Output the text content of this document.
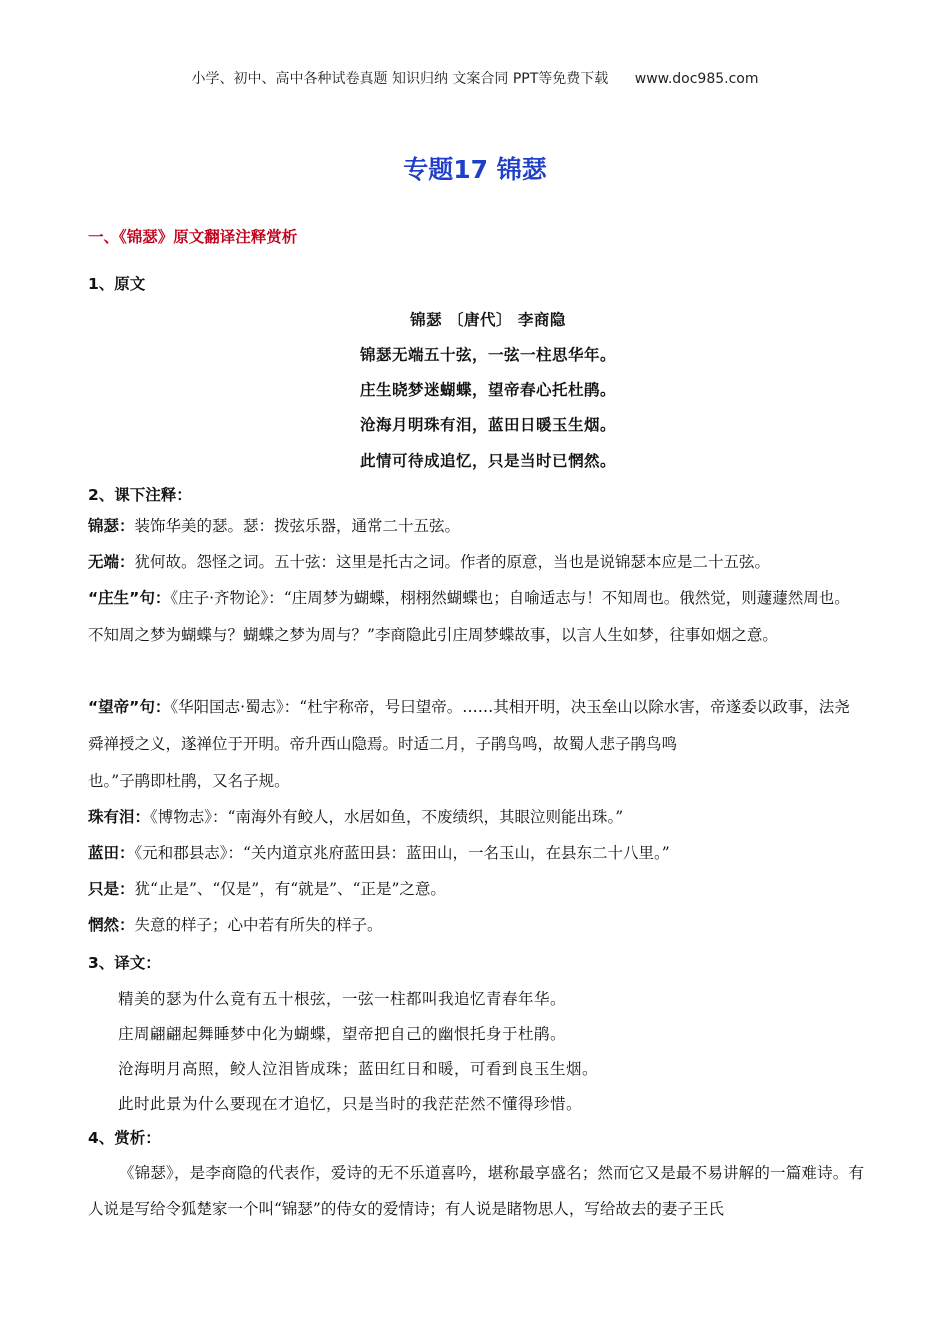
小学、初中、高中各种试卷真题 知识归纳 文案合同 PPT等免费下载 www.doc985.com
专题17 锦瑟
一、《锦瑟》原文翻译注释赏析
1、原文
锦瑟 〔唐代〕 李商隐
锦瑟无端五十弦，一弦一柱思华年。
庄生晓梦迷蝴蝶，望帝春心托杜鹃。
沧海月明珠有泪，蓝田日暖玉生烟。
此情可待成追忆，只是当时已惘然。
2、课下注释：
锦瑟：装饰华美的瑟。瑟：拨弦乐器，通常二十五弦。
无端：犹何故。怨怪之词。五十弦：这里是托古之词。作者的原意，当也是说锦瑟本应是二十五弦。
“庄生”句：《庄子·齐物论》：“庄周梦为蝴蝶，栩栩然蝴蝶也；自喻适志与！不知周也。俄然觉，则蘧蘧然周也。不知周之梦为蝴蝶与？蝴蝶之梦为周与？”李商隐此引庄周梦蝶故事，以言人生如梦，往事如烟之意。
“望帝”句：《华阳国志·蜀志》：“杜宇称帝，号曰望帝。……其相开明，决玉垒山以除水害，帝遂委以政事，法尧舜禅授之义，遂禅位于开明。帝升西山隐焉。时适二月，子鹃鸟鸣，故蜀人悲子鹃鸟鸣
也。”子鹃即杜鹃，又名子规。
珠有泪：《博物志》：“南海外有鲛人，水居如鱼，不废绩织，其眼泣则能出珠。”
蓝田：《元和郡县志》：“关内道京兆府蓝田县：蓝田山，一名玉山，在县东二十八里。”
只是：犹“止是”、“仅是”，有“就是”、“正是”之意。
惘然：失意的样子；心中若有所失的样子。
3、译文：
精美的瑟为什么竟有五十根弦，一弦一柱都叫我追忆青春年华。
庄周翩翩起舞睡梦中化为蝴蝶，望帝把自己的幽恨托身于杜鹃。
沧海明月高照，鲛人泣泪皆成珠；蓝田红日和暖，可看到良玉生烟。
此时此景为什么要现在才追忆，只是当时的我茫茫然不懂得珍惜。
4、赏析：
《锦瑟》，是李商隐的代表作，爱诗的无不乐道喜吟，堪称最享盛名；然而它又是最不易讲解的一篇难诗。有人说是写给令狐楚家一个叫“锦瑟”的侍女的爱情诗；有人说是睹物思人，写给故去的妻子王氏
